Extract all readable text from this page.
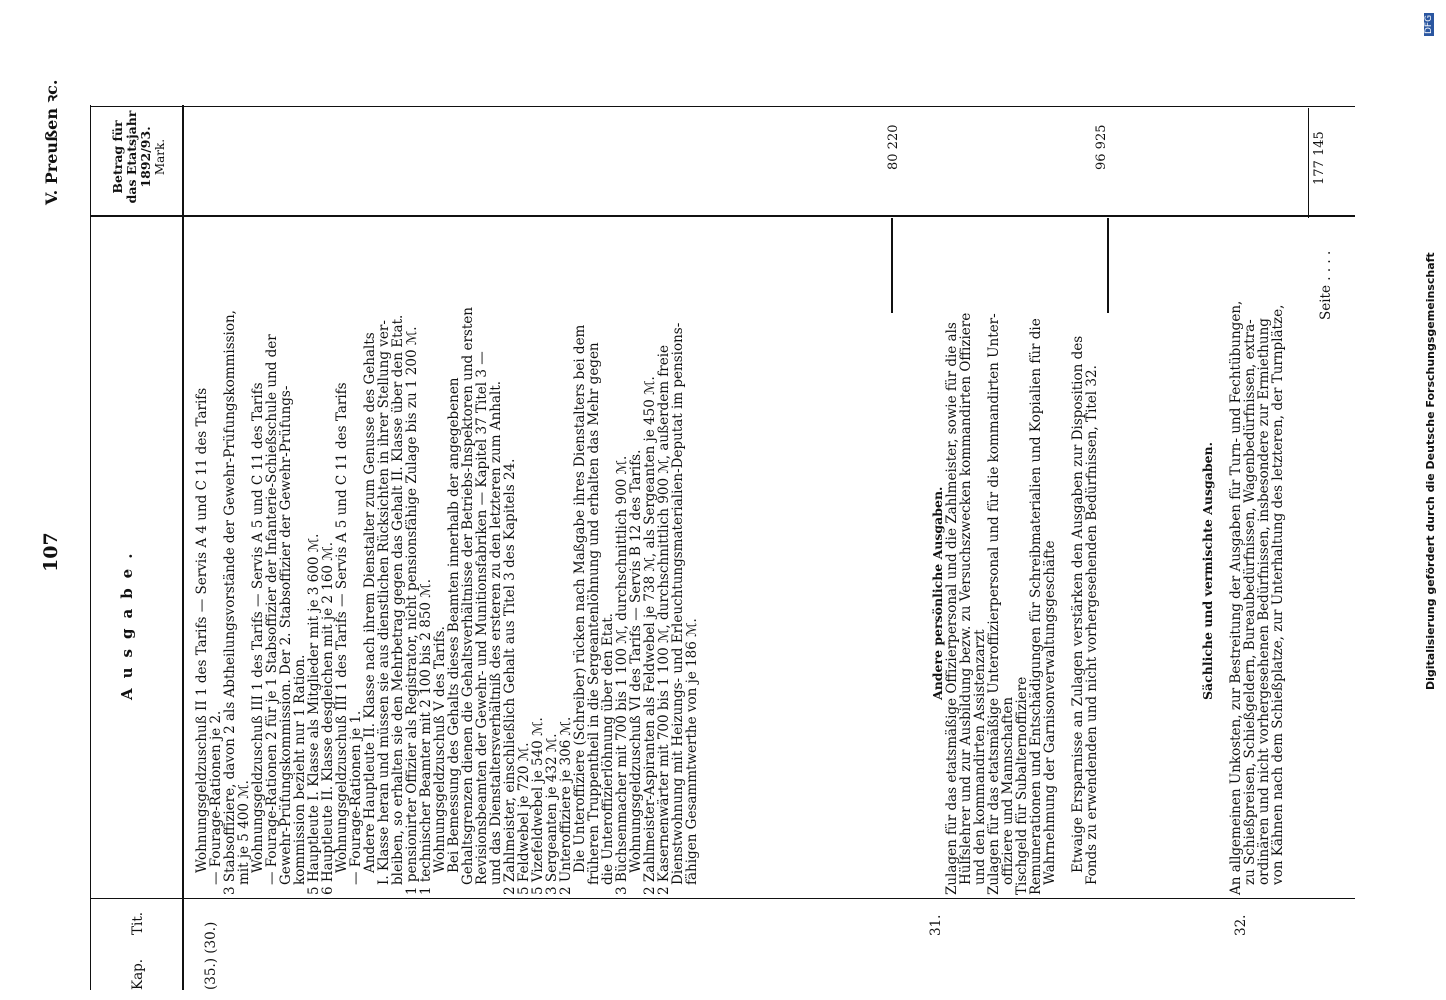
107
V. Preußen ꝛc.
Kap.
Tit.
Ausgabe.
Betrag für das Etatsjahr 1892/93. Mark.
(35.) (30.)
Wohnungsgeldzuschuß II 1 des Tarifs — Servis A 4 und C 11 des Tarifs
— Fourage-Rationen je 2.
3 Stabsoffiziere, davon 2 als Abtheilungsvorstände der Gewehr-Prüfungskommission,
mit je 5 400 ℳ.
Wohnungsgeldzuschuß III 1 des Tarifs — Servis A 5 und C 11 des Tarifs
— Fourage-Rationen 2 für je 1 Stabsoffizier der Infanterie-Schießschule und der
Gewehr-Prüfungskommission. Der 2. Stabsoffizier der Gewehr-Prüfungs-
kommission bezieht nur 1 Ration.
5 Hauptleute I. Klasse als Mitglieder mit je 3 600 ℳ.
6 Hauptleute II. Klasse desgleichen mit je 2 160 ℳ.
Wohnungsgeldzuschuß III 1 des Tarifs — Servis A 5 und C 11 des Tarifs
— Fourage-Rationen je 1.
Andere Hauptleute II. Klasse nach ihrem Dienstalter zum Genusse des Gehalts
I. Klasse heran und müssen sie aus dienstlichen Rücksichten in ihrer Stellung ver-
bleiben, so erhalten sie den Mehrbetrag gegen das Gehalt II. Klasse über den Etat.
1 pensionirter Offizier als Registrator, nicht pensionsfähige Zulage bis zu 1 200 ℳ.
1 technischer Beamter mit 2 100 bis 2 850 ℳ.
Wohnungsgeldzuschuß V des Tarifs.
Bei Bemessung des Gehalts dieses Beamten innerhalb der angegebenen
Gehaltsgrenzen dienen die Gehaltsverhältnisse der Betriebs-Inspektoren und ersten
Revisionsbeamten der Gewehr- und Munitionsfabriken — Kapitel 37 Titel 3 —
und das Dienstaltersverhältniß des ersteren zu den letzteren zum Anhalt.
2 Zahlmeister, einschließlich Gehalt aus Titel 3 des Kapitels 24.
5 Feldwebel je 720 ℳ.
5 Vizefeldwebel je 540 ℳ.
3 Sergeanten je 432 ℳ.
2 Unteroffiziere je 306 ℳ.
Die Unteroffiziere (Schreiber) rücken nach Maßgabe ihres Dienstalters bei dem
früheren Truppentheil in die Sergeantenlöhnung und erhalten das Mehr gegen
die Unteroffizierlöhnung über den Etat.
3 Büchsenmacher mit 700 bis 1 100 ℳ, durchschnittlich 900 ℳ.
Wohnungsgeldzuschuß VI des Tarifs — Servis B 12 des Tarifs.
2 Zahlmeister-Aspiranten als Feldwebel je 738 ℳ, als Sergeanten je 450 ℳ.
2 Kasernenwärter mit 700 bis 1 100 ℳ, durchschnittlich 900 ℳ, außerdem freie
Dienstwohnung mit Heizungs- und Erleuchtungsmaterialien-Deputat im pensions-
fähigen Gesammtwerthe von je 186 ℳ.
80 220
31.
Andere persönliche Ausgaben. Zulagen für das etatsmäßige Offizierpersonal und die Zahlmeister, sowie für die als
Hülfslehrer und zur Ausbildung bezw. zu Versuchszwecken kommandirten Offiziere
und den kommandirten Assistenzarzt
Zulagen für das etatsmäßige Unteroffizierpersonal und für die kommandirten Unter-
offiziere und Mannschaften
Tischgeld für Subalternoffiziere
Remunerationen und Entschädigungen für Schreibmaterialien und Kopialien für die
Wahrnehmung der Garnisonverwaltungsgeschäfte Etwaige Ersparnisse an Zulagen verstärken den Ausgaben zur Disposition des
Fonds zu erwendenden und nicht vorhergesehenden Bedürfnissen, Titel 32.
96 925
Sächliche und vermischte Ausgaben.
32.
An allgemeinen Unkosten, zur Bestreitung der Ausgaben für Turn- und Fechtübungen,
zu Schießpreisen, Schießgeldern, Bureaubedürfnissen, Wagenbedürfnissen, extra-
ordinären und nicht vorhergesehenen Bedürfnissen, insbesondere zur Ermiethung
von Kähnen nach dem Schießplatze, zur Unterhaltung des letzteren, der Turnplätze,
Seite . . . .
177 145
Digitalisierung gefördert durch die Deutsche Forschungsgemeinschaft
DFG
